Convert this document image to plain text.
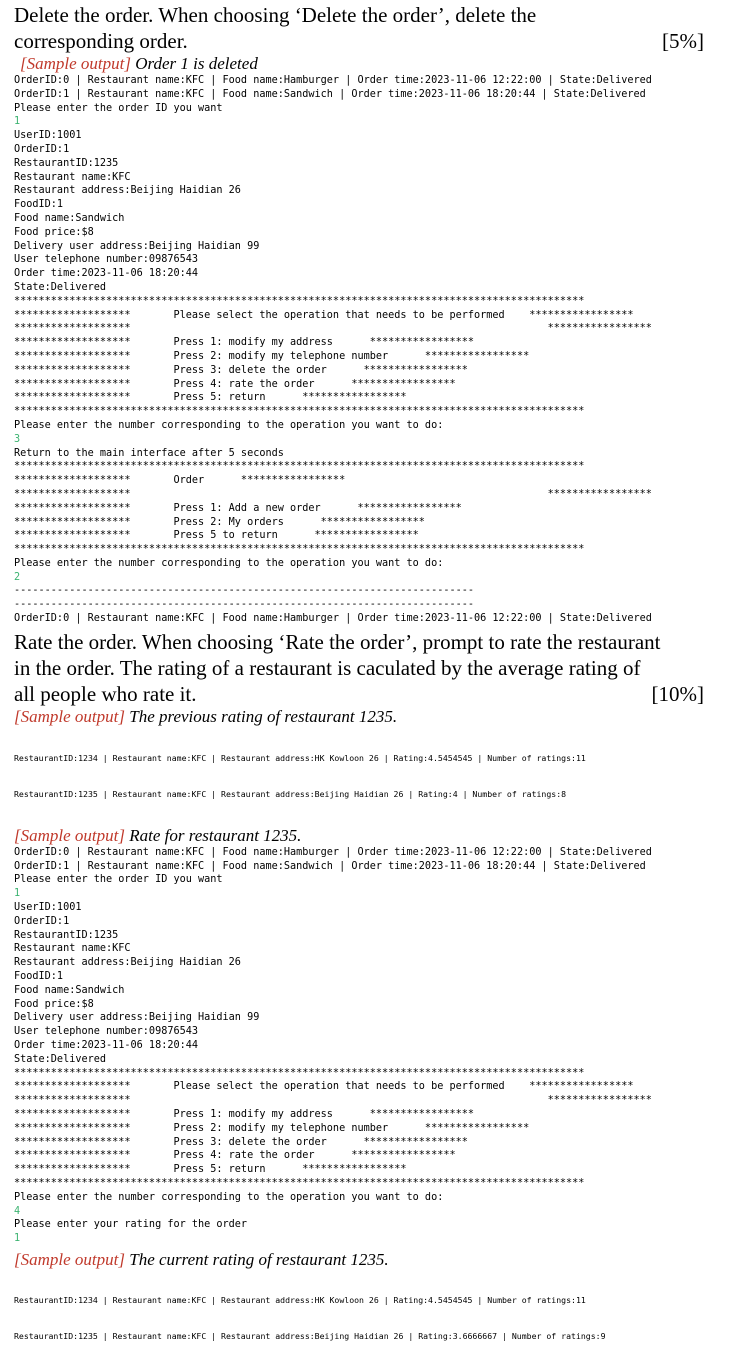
Delete the order. When choosing ‘Delete the order’, delete the
corresponding order.	[5%]

[Sample output] Order 1 is deleted

OrderID:0 | Restaurant name:KFC | Food name:Hamburger | Order time:2023-11-06 12:22:00 | State:Delivered
OrderID:1 | Restaurant name:KFC | Food name:Sandwich | Order time:2023-11-06 18:20:44 | State:Delivered
Please enter the order ID you want
1
UserID:1001
OrderID:1
RestaurantID:1235
Restaurant name:KFC
Restaurant address:Beijing Haidian 26
FoodID:1
Food name:Sandwich
Food price:$8
Delivery user address:Beijing Haidian 99
User telephone number:09876543
Order time:2023-11-06 18:20:44
State:Delivered
*********************************************************************************************
*******************       Please select the operation that needs to be performed    *****************
*******************                                                                    *****************
*******************       Press 1: modify my address      *****************
*******************       Press 2: modify my telephone number      *****************
*******************       Press 3: delete the order      *****************
*******************       Press 4: rate the order      *****************
*******************       Press 5: return      *****************
*********************************************************************************************
Please enter the number corresponding to the operation you want to do:
3
Return to the main interface after 5 seconds
*********************************************************************************************
*******************       Order      *****************
*******************                                                                    *****************
*******************       Press 1: Add a new order      *****************
*******************       Press 2: My orders      *****************
*******************       Press 5 to return      *****************
*********************************************************************************************
Please enter the number corresponding to the operation you want to do:
2
---------------------------------------------------------------------------
---------------------------------------------------------------------------
OrderID:0 | Restaurant name:KFC | Food name:Hamburger | Order time:2023-11-06 12:22:00 | State:Delivered

Rate the order. When choosing ‘Rate the order’, prompt to rate the restaurant
in the order. The rating of a restaurant is caculated by the average rating of
all people who rate it.	[10%]

[Sample output] The previous rating of restaurant 1235.

RestaurantID:1234 | Restaurant name:KFC | Restaurant address:HK Kowloon 26 | Rating:4.5454545 | Number of ratings:11

RestaurantID:1235 | Restaurant name:KFC | Restaurant address:Beijing Haidian 26 | Rating:4 | Number of ratings:8

[Sample output] Rate for restaurant 1235.

OrderID:0 | Restaurant name:KFC | Food name:Hamburger | Order time:2023-11-06 12:22:00 | State:Delivered
OrderID:1 | Restaurant name:KFC | Food name:Sandwich | Order time:2023-11-06 18:20:44 | State:Delivered
Please enter the order ID you want
1
UserID:1001
OrderID:1
RestaurantID:1235
Restaurant name:KFC
Restaurant address:Beijing Haidian 26
FoodID:1
Food name:Sandwich
Food price:$8
Delivery user address:Beijing Haidian 99
User telephone number:09876543
Order time:2023-11-06 18:20:44
State:Delivered
*********************************************************************************************
*******************       Please select the operation that needs to be performed    *****************
*******************                                                                    *****************
*******************       Press 1: modify my address      *****************
*******************       Press 2: modify my telephone number      *****************
*******************       Press 3: delete the order      *****************
*******************       Press 4: rate the order      *****************
*******************       Press 5: return      *****************
*********************************************************************************************
Please enter the number corresponding to the operation you want to do:
4
Please enter your rating for the order
1

[Sample output] The current rating of restaurant 1235.

RestaurantID:1234 | Restaurant name:KFC | Restaurant address:HK Kowloon 26 | Rating:4.5454545 | Number of ratings:11

RestaurantID:1235 | Restaurant name:KFC | Restaurant address:Beijing Haidian 26 | Rating:3.6666667 | Number of ratings:9
